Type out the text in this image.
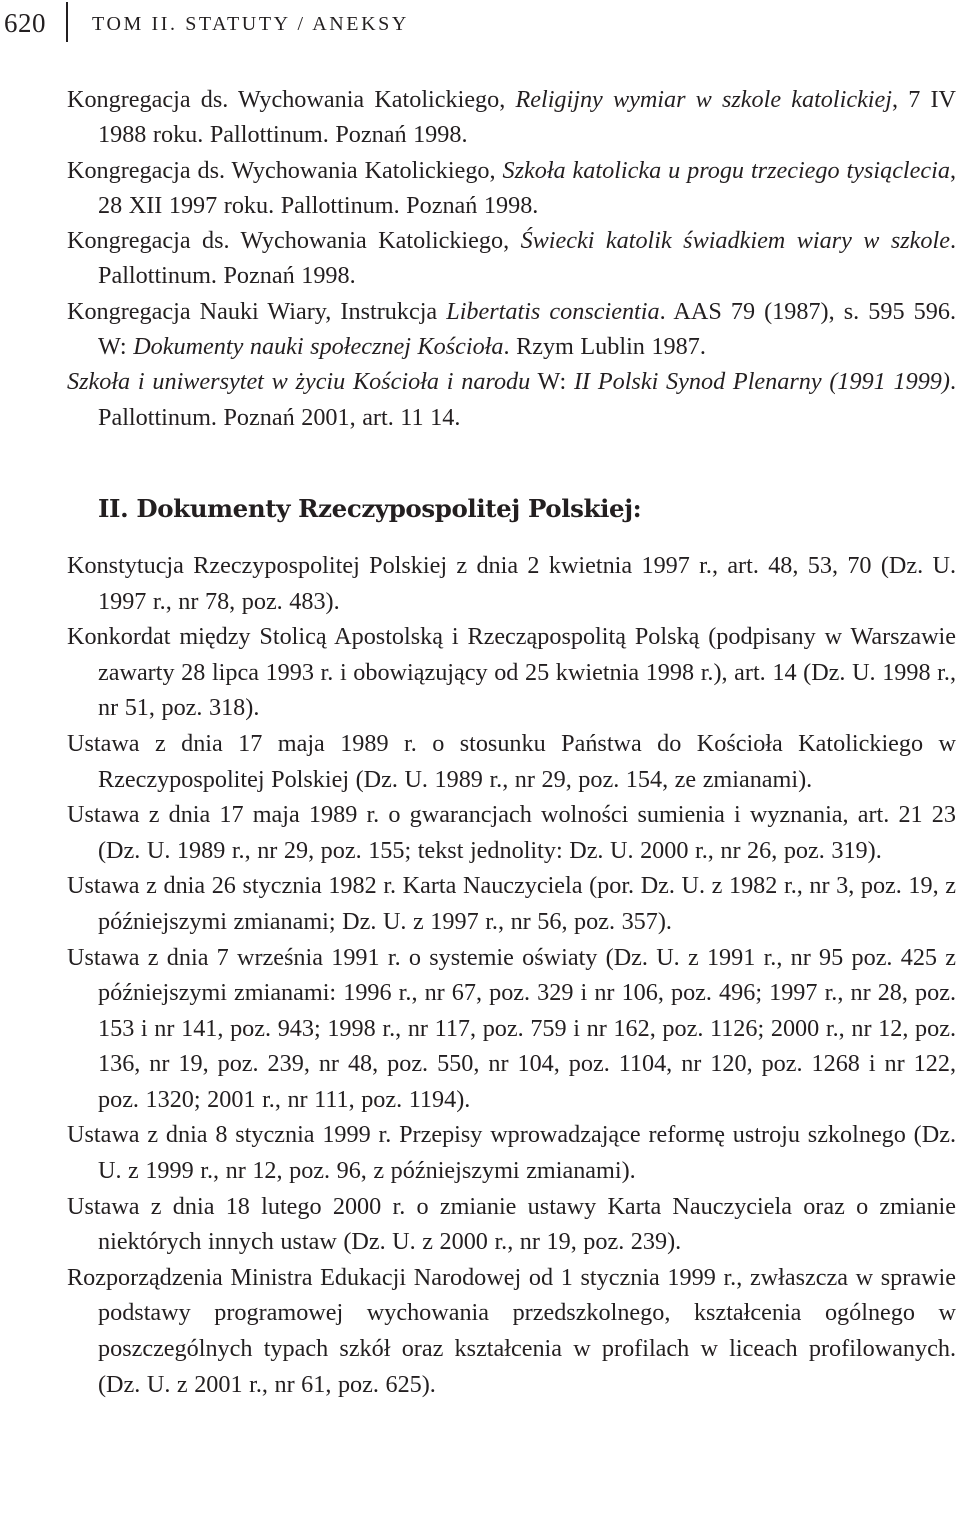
620 TOM II. STATUTY / ANEKSY

Kongregacja ds. Wychowania Katolickiego, Religijny wymiar w szkole katolickiej, 7 IV 1988 roku. Pallottinum. Poznań 1998.

Kongregacja ds. Wychowania Katolickiego, Szkoła katolicka u progu trzeciego tysiąclecia, 28 XII 1997 roku. Pallottinum. Poznań 1998.

Kongregacja ds. Wychowania Katolickiego, Świecki katolik świadkiem wiary w szkole. Pallottinum. Poznań 1998.

Kongregacja Nauki Wiary, Instrukcja Libertatis conscientia. AAS 79 (1987), s. 595 596. W: Dokumenty nauki społecznej Kościoła. Rzym Lublin 1987.

Szkoła i uniwersytet w życiu Kościoła i narodu W: II Polski Synod Plenarny (1991 1999). Pallottinum. Poznań 2001, art. 11 14.

II. Dokumenty Rzeczypospolitej Polskiej:

Konstytucja Rzeczypospolitej Polskiej z dnia 2 kwietnia 1997 r., art. 48, 53, 70 (Dz. U. 1997 r., nr 78, poz. 483).

Konkordat między Stolicą Apostolską i Rzecząpospolitą Polską (podpisany w Warszawie zawarty 28 lipca 1993 r. i obowiązujący od 25 kwietnia 1998 r.), art. 14 (Dz. U. 1998 r., nr 51, poz. 318).

Ustawa z dnia 17 maja 1989 r. o stosunku Państwa do Kościoła Katolickiego w Rzeczypospolitej Polskiej (Dz. U. 1989 r., nr 29, poz. 154, ze zmianami).

Ustawa z dnia 17 maja 1989 r. o gwarancjach wolności sumienia i wyznania, art. 21 23 (Dz. U. 1989 r., nr 29, poz. 155; tekst jednolity: Dz. U. 2000 r., nr 26, poz. 319).

Ustawa z dnia 26 stycznia 1982 r. Karta Nauczyciela (por. Dz. U. z 1982 r., nr 3, poz. 19, z późniejszymi zmianami; Dz. U. z 1997 r., nr 56, poz. 357).

Ustawa z dnia 7 września 1991 r. o systemie oświaty (Dz. U. z 1991 r., nr 95 poz. 425 z późniejszymi zmianami: 1996 r., nr 67, poz. 329 i nr 106, poz. 496; 1997 r., nr 28, poz. 153 i nr 141, poz. 943; 1998 r., nr 117, poz. 759 i nr 162, poz. 1126; 2000 r., nr 12, poz. 136, nr 19, poz. 239, nr 48, poz. 550, nr 104, poz. 1104, nr 120, poz. 1268 i nr 122, poz. 1320; 2001 r., nr 111, poz. 1194).

Ustawa z dnia 8 stycznia 1999 r. Przepisy wprowadzające reformę ustroju szkolnego (Dz. U. z 1999 r., nr 12, poz. 96, z późniejszymi zmianami).

Ustawa z dnia 18 lutego 2000 r. o zmianie ustawy Karta Nauczyciela oraz o zmianie niektórych innych ustaw (Dz. U. z 2000 r., nr 19, poz. 239).

Rozporządzenia Ministra Edukacji Narodowej od 1 stycznia 1999 r., zwłaszcza w sprawie podstawy programowej wychowania przedszkolnego, kształcenia ogólnego w poszczególnych typach szkół oraz kształcenia w profilach w liceach profilowanych. (Dz. U. z 2001 r., nr 61, poz. 625).
